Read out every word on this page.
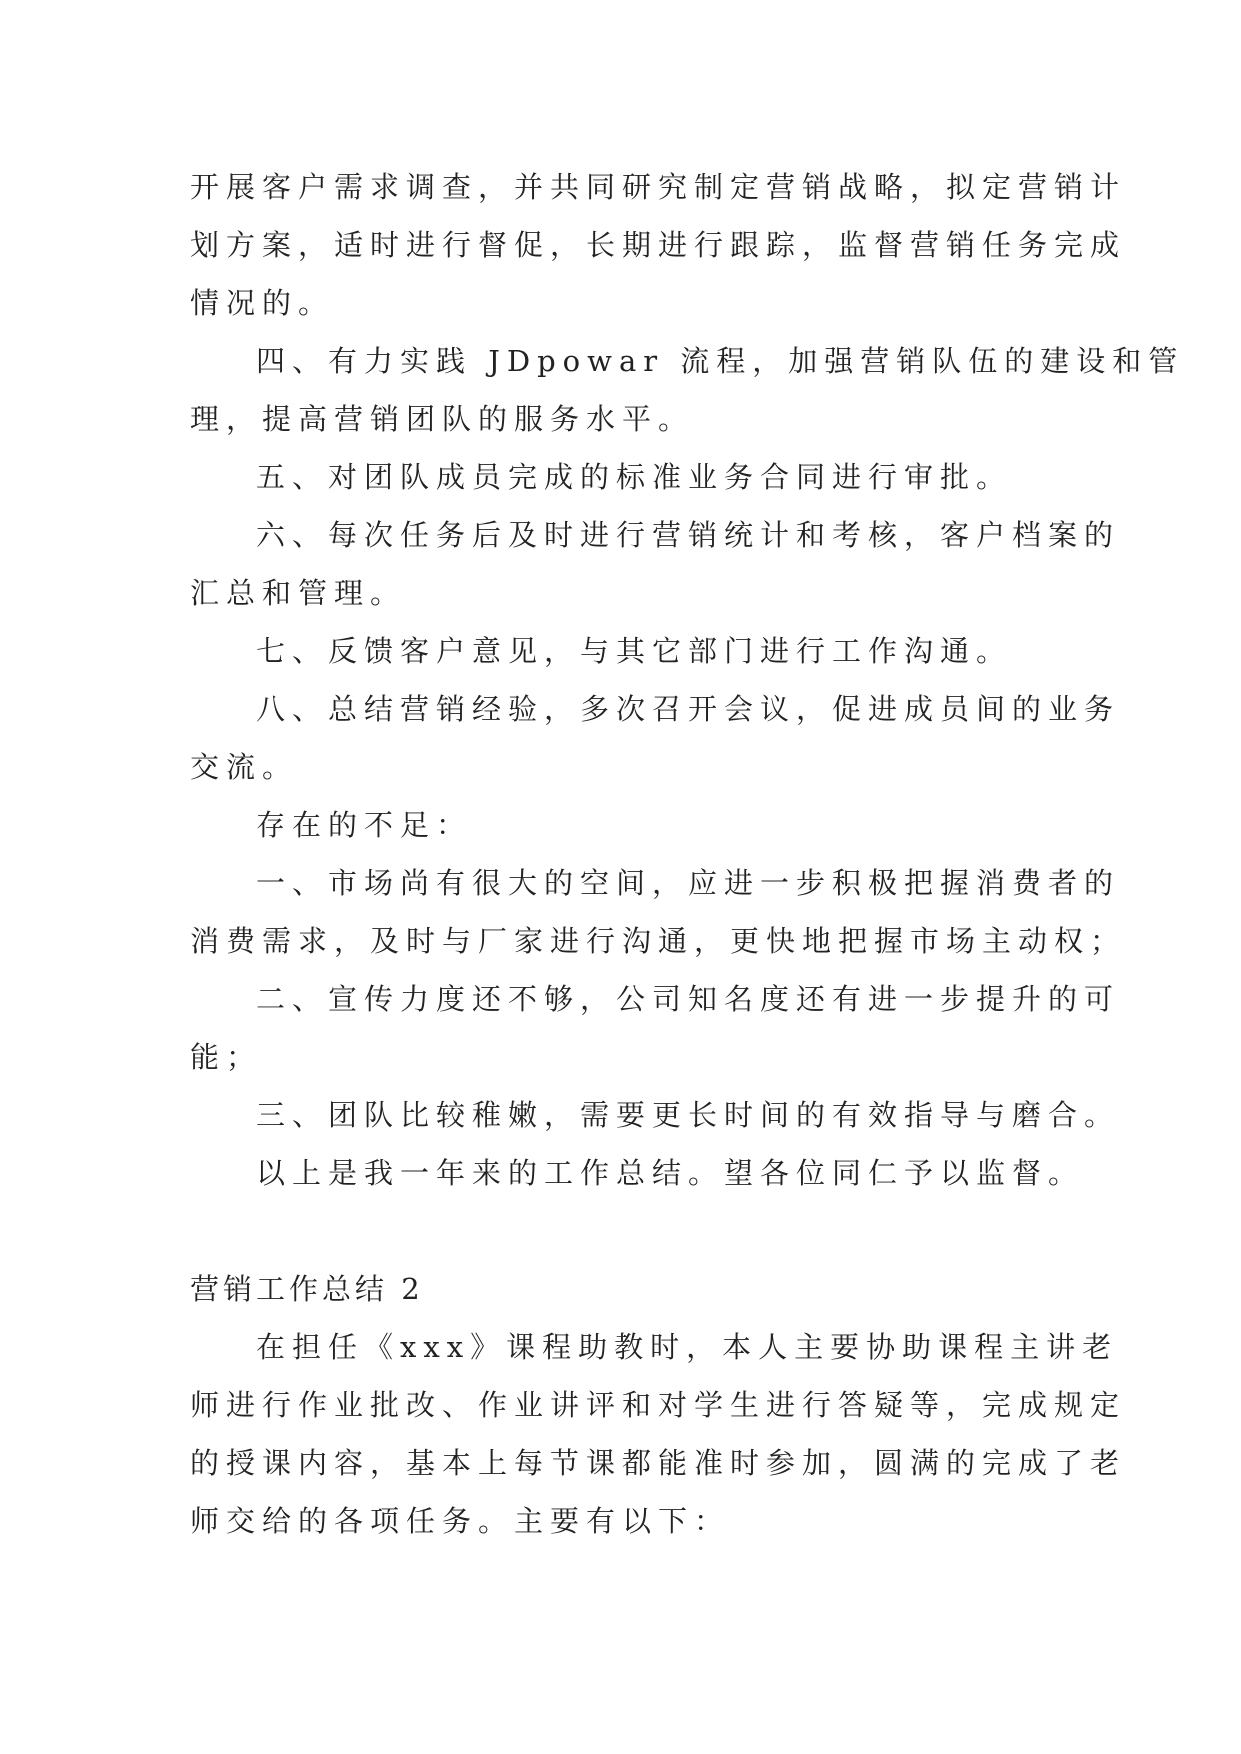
开展客户需求调查，并共同研究制定营销战略，拟定营销计
划方案，适时进行督促，长期进行跟踪，监督营销任务完成
情况的。
四、有力实践 JDpowar 流程，加强营销队伍的建设和管
理，提高营销团队的服务水平。
五、对团队成员完成的标准业务合同进行审批。
六、每次任务后及时进行营销统计和考核，客户档案的
汇总和管理。
七、反馈客户意见，与其它部门进行工作沟通。
八、总结营销经验，多次召开会议，促进成员间的业务
交流。
存在的不足：
一、市场尚有很大的空间，应进一步积极把握消费者的
消费需求，及时与厂家进行沟通，更快地把握市场主动权；
二、宣传力度还不够，公司知名度还有进一步提升的可
能；
三、团队比较稚嫩，需要更长时间的有效指导与磨合。
以上是我一年来的工作总结。望各位同仁予以监督。
营销工作总结 2
在担任《xxx》课程助教时，本人主要协助课程主讲老
师进行作业批改、作业讲评和对学生进行答疑等，完成规定
的授课内容，基本上每节课都能准时参加，圆满的完成了老
师交给的各项任务。主要有以下：
